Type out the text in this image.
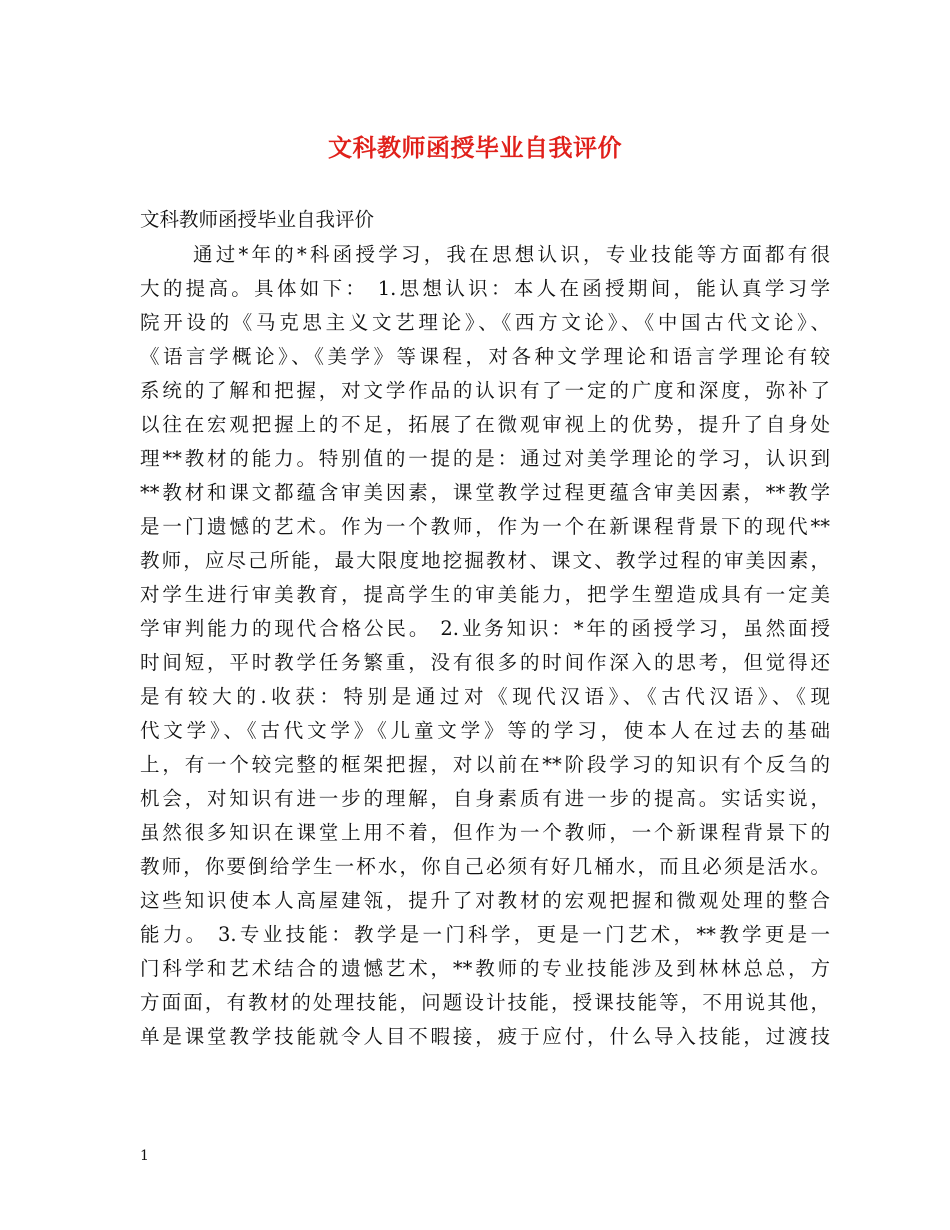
文科教师函授毕业自我评价
文科教师函授毕业自我评价
通过*年的*科函授学习，我在思想认识，专业技能等方面都有很
大的提高。具体如下： 1.思想认识：本人在函授期间，能认真学习学
院开设的《马克思主义文艺理论》、《西方文论》、《中国古代文论》、
《语言学概论》、《美学》等课程，对各种文学理论和语言学理论有较
系统的了解和把握，对文学作品的认识有了一定的广度和深度，弥补了
以往在宏观把握上的不足，拓展了在微观审视上的优势，提升了自身处
理**教材的能力。特别值的一提的是：通过对美学理论的学习，认识到
**教材和课文都蕴含审美因素，课堂教学过程更蕴含审美因素，**教学
是一门遗憾的艺术。作为一个教师，作为一个在新课程背景下的现代**
教师，应尽己所能，最大限度地挖掘教材、课文、教学过程的审美因素，
对学生进行审美教育，提高学生的审美能力，把学生塑造成具有一定美
学审判能力的现代合格公民。 2.业务知识：*年的函授学习，虽然面授
时间短，平时教学任务繁重，没有很多的时间作深入的思考，但觉得还
是有较大的.收获：特别是通过对《现代汉语》、《古代汉语》、《现
代文学》、《古代文学》《儿童文学》等的学习，使本人在过去的基础
上，有一个较完整的框架把握，对以前在**阶段学习的知识有个反刍的
机会，对知识有进一步的理解，自身素质有进一步的提高。实话实说，
虽然很多知识在课堂上用不着，但作为一个教师，一个新课程背景下的
教师，你要倒给学生一杯水，你自己必须有好几桶水，而且必须是活水。
这些知识使本人高屋建瓴，提升了对教材的宏观把握和微观处理的整合
能力。 3.专业技能：教学是一门科学，更是一门艺术，**教学更是一
门科学和艺术结合的遗憾艺术，**教师的专业技能涉及到林林总总，方
方面面，有教材的处理技能，问题设计技能，授课技能等，不用说其他，
单是课堂教学技能就令人目不暇接，疲于应付，什么导入技能，过渡技
1
